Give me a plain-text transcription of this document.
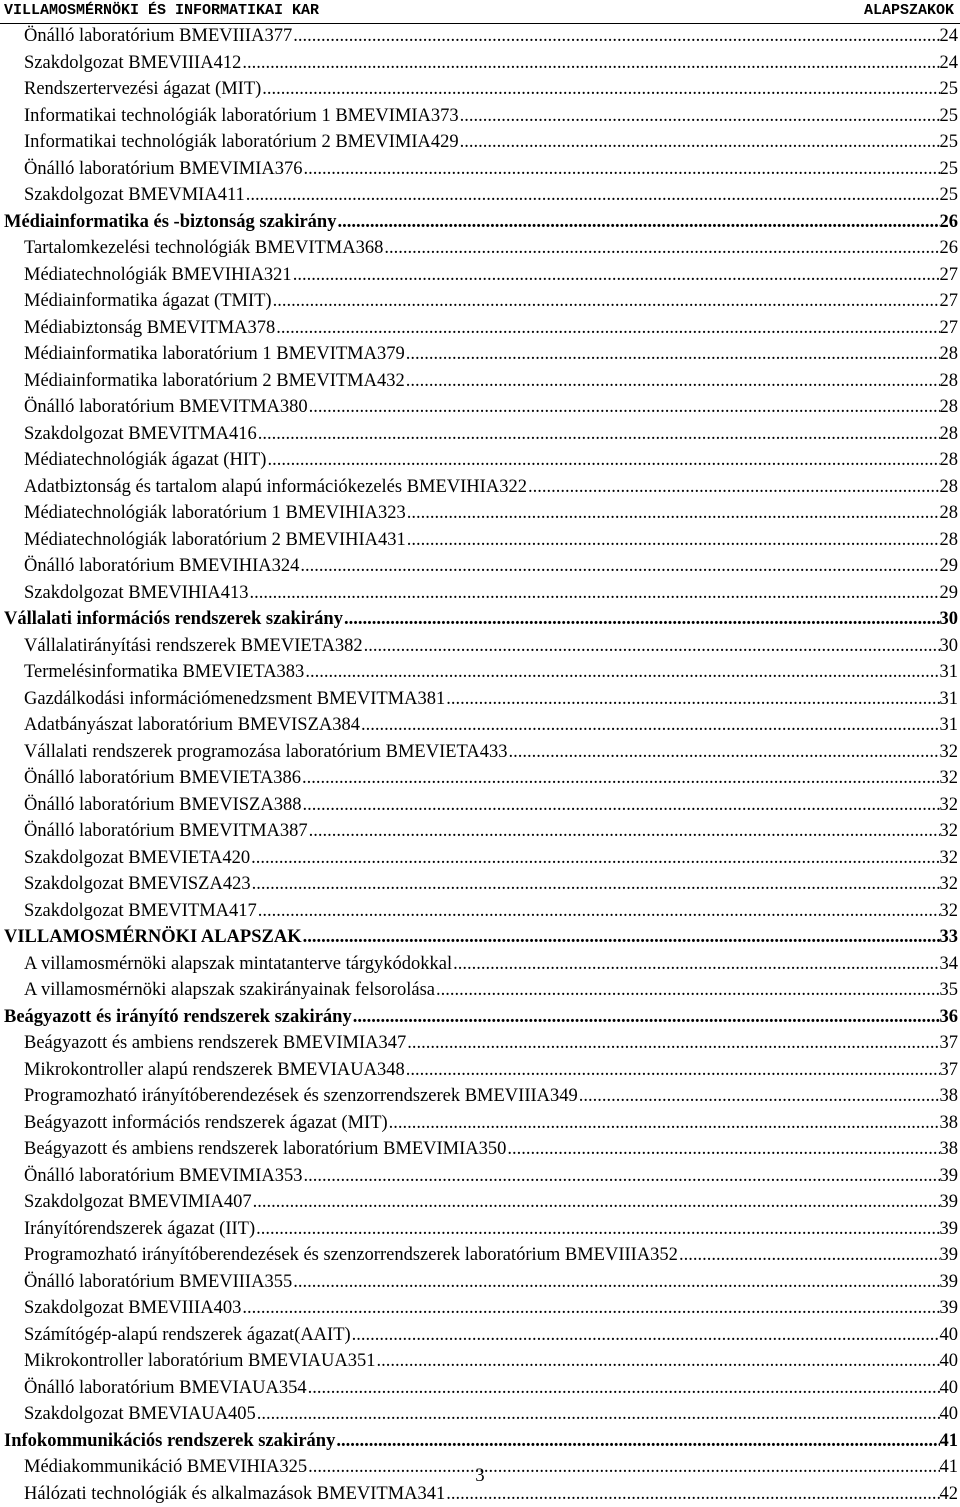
VILLAMOSMÉRNÖKI ÉS INFORMATIKAI KAR	ALAPSZAKOK
Önálló laboratórium BMEVIIIA377 .....	24
Szakdolgozat BMEVIIIA412 .....	24
Rendszertervezési ágazat (MIT) .....	25
Informatikai technológiák laboratórium 1 BMEVIMIA373 .....	25
Informatikai technológiák laboratórium 2 BMEVIMIA429 .....	25
Önálló laboratórium BMEVIMIA376 .....	25
Szakdolgozat BMEVMIA411 .....	25
Médiainformatika és -biztonság szakirány .....	26
Tartalomkezelési technológiák BMEVITMA368 .....	26
Médiatechnológiák BMEVIHIA321 .....	27
Médiainformatika ágazat (TMIT) .....	27
Médiabiztonság BMEVITMA378 .....	27
Médiainformatika laboratórium 1 BMEVITMA379 .....	28
Médiainformatika laboratórium 2 BMEVITMA432 .....	28
Önálló laboratórium BMEVITMA380 .....	28
Szakdolgozat BMEVITMA416 .....	28
Médiatechnológiák ágazat (HIT) .....	28
Adatbiztonság és tartalom alapú információkezelés BMEVIHIA322 .....	28
Médiatechnológiák laboratórium 1 BMEVIHIA323 .....	28
Médiatechnológiák laboratórium 2 BMEVIHIA431 .....	28
Önálló laboratórium BMEVIHIA324 .....	29
Szakdolgozat BMEVIHIA413 .....	29
Vállalati információs rendszerek szakirány .....	30
Vállalatirányítási rendszerek BMEVIETA382 .....	30
Termelésinformatika BMEVIETA383 .....	31
Gazdálkodási információmenedzsment BMEVITMA381 .....	31
Adatbányászat laboratórium BMEVISZA384 .....	31
Vállalati rendszerek programozása laboratórium BMEVIETA433 .....	32
Önálló laboratórium BMEVIETA386 .....	32
Önálló laboratórium BMEVISZA388 .....	32
Önálló laboratórium BMEVITMA387 .....	32
Szakdolgozat BMEVIETA420 .....	32
Szakdolgozat BMEVISZA423 .....	32
Szakdolgozat BMEVITMA417 .....	32
VILLAMOSMÉRNÖKI ALAPSZAK .....	33
A villamosmérnöki alapszak mintatanterve tárgykódokkal .....	34
A villamosmérnöki alapszak szakirányainak felsorolása .....	35
Beágyazott és irányító rendszerek szakirány .....	36
Beágyazott és ambiens rendszerek BMEVIMIA347 .....	37
Mikrokontroller alapú rendszerek BMEVIAUA348 .....	37
Programozható irányítóberendezések és szenzorrendszerek BMEVIIIA349 .....	38
Beágyazott információs rendszerek ágazat (MIT) .....	38
Beágyazott és ambiens rendszerek laboratórium BMEVIMIA350 .....	38
Önálló laboratórium BMEVIMIA353 .....	39
Szakdolgozat BMEVIMIA407 .....	39
Irányítórendszerek ágazat (IIT) .....	39
Programozható irányítóberendezések és szenzorrendszerek laboratórium BMEVIIIA352 .....	39
Önálló laboratórium BMEVIIIA355 .....	39
Szakdolgozat BMEVIIIA403 .....	39
Számítógép-alapú rendszerek ágazat(AAIT) .....	40
Mikrokontroller laboratórium BMEVIAUA351 .....	40
Önálló laboratórium BMEVIAUA354 .....	40
Szakdolgozat BMEVIAUA405 .....	40
Infokommunikációs rendszerek szakirány .....	41
Médiakommunikáció BMEVIHIA325 .....	41
Hálózati technológiák és alkalmazások BMEVITMA341 .....	42
3
